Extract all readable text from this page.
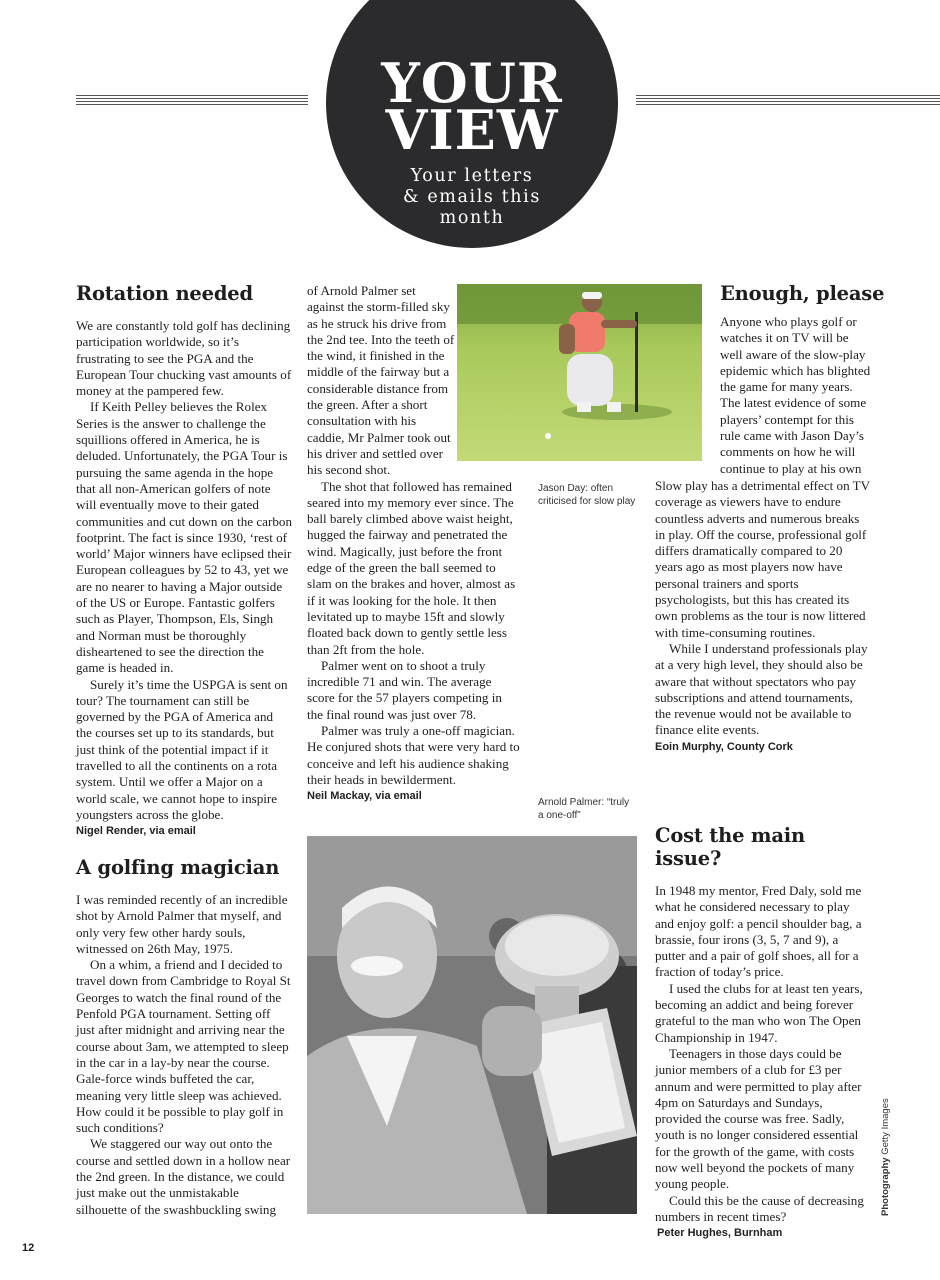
YOUR
VIEW
Your letters
& emails this
month
Rotation needed

We are constantly told golf has declining participation worldwide, so it’s frustrating to see the PGA and the European Tour chucking vast amounts of money at the pampered few.

If Keith Pelley believes the Rolex Series is the answer to challenge the squillions offered in America, he is deluded. Unfortunately, the PGA Tour is pursuing the same agenda in the hope that all non-American golfers of note will eventually move to their gated communities and cut down on the carbon footprint. The fact is since 1930, ‘rest of world’ Major winners have eclipsed their European colleagues by 52 to 43, yet we are no nearer to having a Major outside of the US or Europe. Fantastic golfers such as Player, Thompson, Els, Singh and Norman must be thoroughly disheartened to see the direction the game is headed in.

Surely it’s time the USPGA is sent on tour? The tournament can still be governed by the PGA of America and the courses set up to its standards, but just think of the potential impact if it travelled to all the continents on a rota system. Until we offer a Major on a world scale, we cannot hope to inspire youngsters across the globe.

Nigel Render, via email
A golfing magician

I was reminded recently of an incredible shot by Arnold Palmer that myself, and only very few other hardy souls, witnessed on 26th May, 1975.

On a whim, a friend and I decided to travel down from Cambridge to Royal St Georges to watch the final round of the Penfold PGA tournament. Setting off just after midnight and arriving near the course about 3am, we attempted to sleep in the car in a lay-by near the course. Gale-force winds buffeted the car, meaning very little sleep was achieved. How could it be possible to play golf in such conditions?

We staggered our way out onto the course and settled down in a hollow near the 2nd green. In the distance, we could just make out the unmistakable silhouette of the swashbuckling swing

of Arnold Palmer set against the storm-filled sky as he struck his drive from the 2nd tee. Into the teeth of the wind, it finished in the middle of the fairway but a considerable distance from the green. After a short consultation with his caddie, Mr Palmer took out his driver and settled over his second shot.

The shot that followed has remained seared into my memory ever since. The ball barely climbed above waist height, hugged the fairway and penetrated the wind. Magically, just before the front edge of the green the ball seemed to slam on the brakes and hover, almost as if it was looking for the hole. It then levitated up to maybe 15ft and slowly floated back down to gently settle less than 2ft from the hole.

Palmer went on to shoot a truly incredible 71 and win. The average score for the 57 players competing in the final round was just over 78.

Palmer was truly a one-off magician. He conjured shots that were very hard to conceive and left his audience shaking their heads in bewilderment.

Neil Mackay, via email
Jason Day: often criticised for slow play
Enough, please

Anyone who plays golf or watches it on TV will be well aware of the slow-play epidemic which has blighted the game for many years. The latest evidence of some players’ contempt for this rule came with Jason Day’s comments on how he will continue to play at his own

Slow play has a detrimental effect on TV coverage as viewers have to endure countless adverts and numerous breaks in play. Off the course, professional golf differs dramatically compared to 20 years ago as most players now have personal trainers and sports psychologists, but this has created its own problems as the tour is now littered with time-consuming routines.

While I understand professionals play at a very high level, they should also be aware that without spectators who pay subscriptions and attend tournaments, the revenue would not be available to finance elite events.

Eoin Murphy, County Cork
Cost the main issue?

In 1948 my mentor, Fred Daly, sold me what he considered necessary to play and enjoy golf: a pencil shoulder bag, a brassie, four irons (3, 5, 7 and 9), a putter and a pair of golf shoes, all for a fraction of today’s price.

I used the clubs for at least ten years, becoming an addict and being forever grateful to the man who won The Open Championship in 1947.

Teenagers in those days could be junior members of a club for £3 per annum and were permitted to play after 4pm on Saturdays and Sundays, provided the course was free. Sadly, youth is no longer considered essential for the growth of the game, with costs now well beyond the pockets of many young people.

Could this be the cause of decreasing numbers in recent times?

Peter Hughes, Burnham
Arnold Palmer: “truly a one-off”
Photography Getty Images
12
